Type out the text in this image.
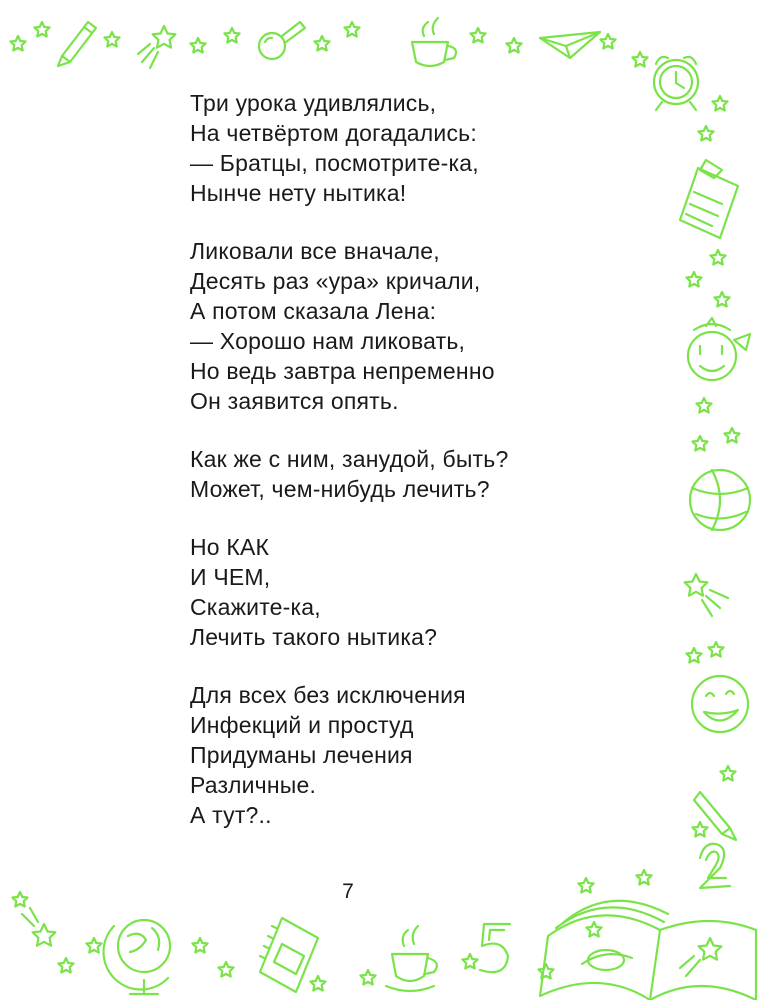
Три урока удивлялись,
На четвёртом догадались:
— Братцы, посмотрите-ка,
Нынче нету нытика!
Ликовали все вначале,
Десять раз «ура» кричали,
А потом сказала Лена:
— Хорошо нам ликовать,
Но ведь завтра непременно
Он заявится опять.
Как же с ним, занудой, быть?
Может, чем-нибудь лечить?
Но КАК
И ЧЕМ,
Скажите-ка,
Лечить такого нытика?
Для всех без исключения
Инфекций и простуд
Придуманы лечения
Различные.
А тут?..
7
